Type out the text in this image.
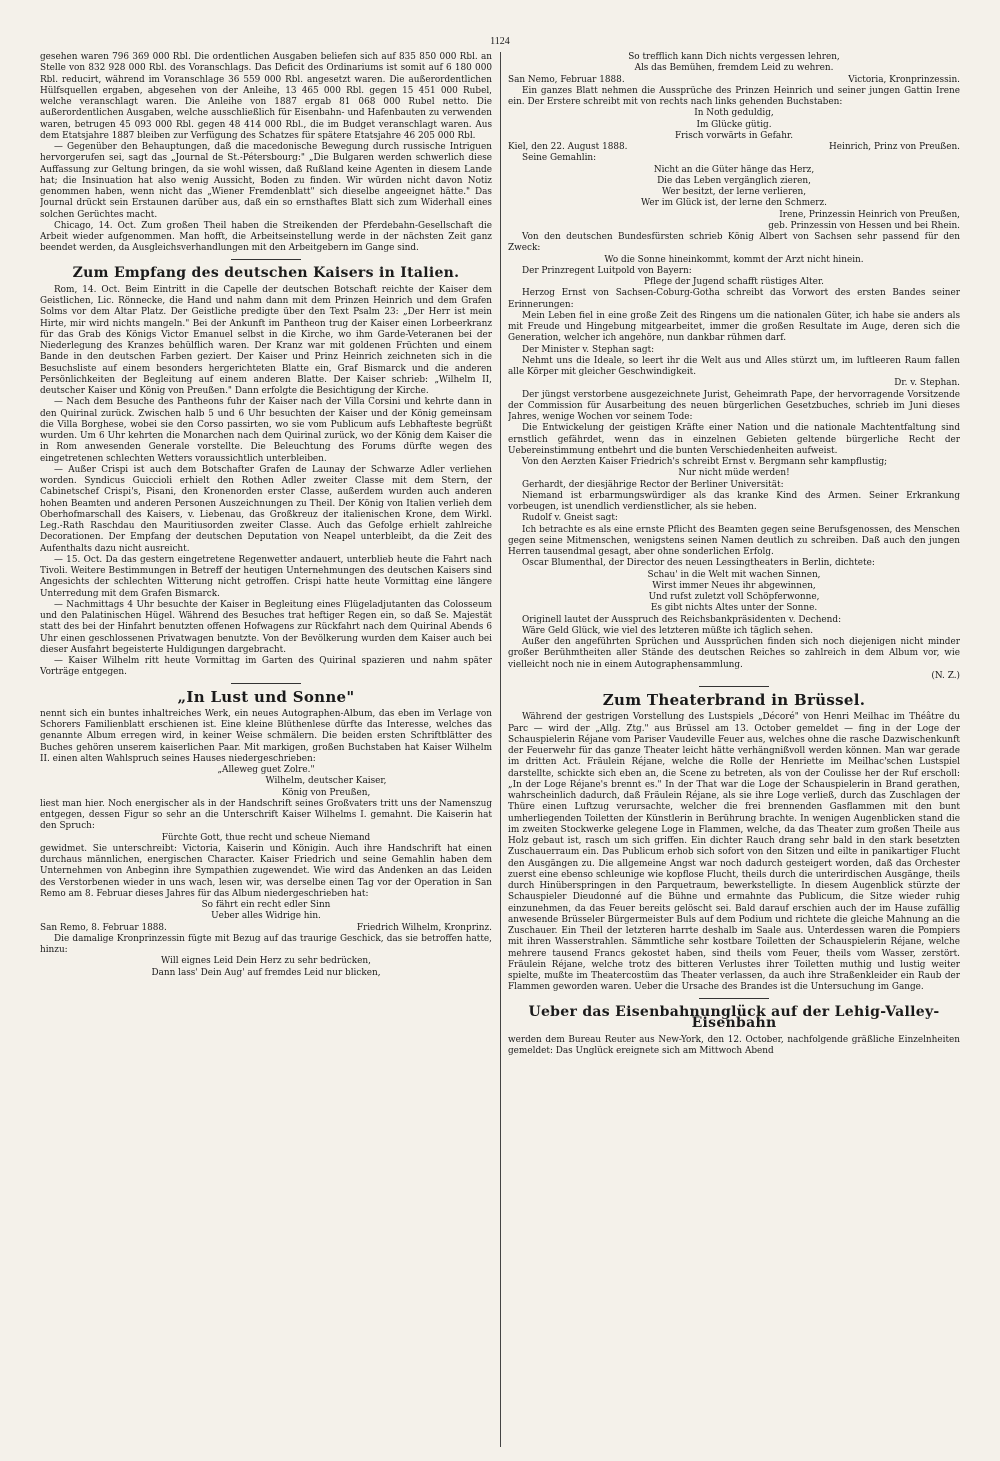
1124

gesehen waren 796 369 000 Rbl. Die ordentlichen Ausgaben beliefen sich auf 835 850 000 Rbl. an Stelle von 832 928 000 Rbl. des Voranschlags. Das Deficit des Ordinariums ist somit auf 6 180 000 Rbl. reducirt, während im Voranschlage 36 559 000 Rbl. angesetzt waren. Die außerordentlichen Hülfsquellen ergaben, abgesehen von der Anleihe, 13 465 000 Rbl. gegen 15 451 000 Rubel, welche veranschlagt waren. Die Anleihe von 1887 ergab 81 068 000 Rubel netto. Die außerordentlichen Ausgaben, welche ausschließlich für Eisenbahn- und Hafenbauten zu verwenden waren, betrugen 45 093 000 Rbl. gegen 48 414 000 Rbl., die im Budget veranschlagt waren. Aus dem Etatsjahre 1887 bleiben zur Verfügung des Schatzes für spätere Etatsjahre 46 205 000 Rbl.

— Gegenüber den Behauptungen, daß die macedonische Bewegung durch russische Intriguen hervorgerufen sei, sagt das „Journal de St.-Pétersbourg:" „Die Bulgaren werden schwerlich diese Auffassung zur Geltung bringen, da sie wohl wissen, daß Rußland keine Agenten in diesem Lande hat; die Insinuation hat also wenig Aussicht, Boden zu finden. Wir würden nicht davon Notiz genommen haben, wenn nicht das „Wiener Fremdenblatt" sich dieselbe angeeignet hätte." Das Journal drückt sein Erstaunen darüber aus, daß ein so ernsthaftes Blatt sich zum Widerhall eines solchen Gerüchtes macht.

Chicago, 14. Oct. Zum großen Theil haben die Streikenden der Pferdebahn-Gesellschaft die Arbeit wieder aufgenommen. Man hofft, die Arbeitseinstellung werde in der nächsten Zeit ganz beendet werden, da Ausgleichsverhandlungen mit den Arbeitgebern im Gange sind.

Zum Empfang des deutschen Kaisers in Italien.

Rom, 14. Oct. Beim Eintritt in die Capelle der deutschen Botschaft reichte der Kaiser dem Geistlichen, Lic. Rönnecke, die Hand und nahm dann mit dem Prinzen Heinrich und dem Grafen Solms vor dem Altar Platz. Der Geistliche predigte über den Text Psalm 23: „Der Herr ist mein Hirte, mir wird nichts mangeln." Bei der Ankunft im Pantheon trug der Kaiser einen Lorbeerkranz für das Grab des Königs Victor Emanuel selbst in die Kirche, wo ihm Garde-Veteranen bei der Niederlegung des Kranzes behülflich waren. Der Kranz war mit goldenen Früchten und einem Bande in den deutschen Farben geziert. Der Kaiser und Prinz Heinrich zeichneten sich in die Besuchsliste auf einem besonders hergerichteten Blatte ein, Graf Bismarck und die anderen Persönlichkeiten der Begleitung auf einem anderen Blatte. Der Kaiser schrieb: „Wilhelm II, deutscher Kaiser und König von Preußen." Dann erfolgte die Besichtigung der Kirche.

— Nach dem Besuche des Pantheons fuhr der Kaiser nach der Villa Corsini und kehrte dann in den Quirinal zurück. Zwischen halb 5 und 6 Uhr besuchten der Kaiser und der König gemeinsam die Villa Borghese, wobei sie den Corso passirten, wo sie vom Publicum aufs Lebhafteste begrüßt wurden. Um 6 Uhr kehrten die Monarchen nach dem Quirinal zurück, wo der König dem Kaiser die in Rom anwesenden Generale vorstellte. Die Beleuchtung des Forums dürfte wegen des eingetretenen schlechten Wetters voraussichtlich unterbleiben.

— Außer Crispi ist auch dem Botschafter Grafen de Launay der Schwarze Adler verliehen worden. Syndicus Guiccioli erhielt den Rothen Adler zweiter Classe mit dem Stern, der Cabinetschef Crispi's, Pisani, den Kronenorden erster Classe, außerdem wurden auch anderen hohen Beamten und anderen Personen Auszeichnungen zu Theil. Der König von Italien verlieh dem Oberhofmarschall des Kaisers, v. Liebenau, das Großkreuz der italienischen Krone, dem Wirkl. Leg.-Rath Raschdau den Mauritiusorden zweiter Classe. Auch das Gefolge erhielt zahlreiche Decorationen. Der Empfang der deutschen Deputation von Neapel unterbleibt, da die Zeit des Aufenthalts dazu nicht ausreicht.

— 15. Oct. Da das gestern eingetretene Regenwetter andauert, unterblieb heute die Fahrt nach Tivoli. Weitere Bestimmungen in Betreff der heutigen Unternehmungen des deutschen Kaisers sind Angesichts der schlechten Witterung nicht getroffen. Crispi hatte heute Vormittag eine längere Unterredung mit dem Grafen Bismarck.

— Nachmittags 4 Uhr besuchte der Kaiser in Begleitung eines Flügeladjutanten das Colosseum und den Palatinischen Hügel. Während des Besuches trat heftiger Regen ein, so daß Se. Majestät statt des bei der Hinfahrt benutzten offenen Hofwagens zur Rückfahrt nach dem Quirinal Abends 6 Uhr einen geschlossenen Privatwagen benutzte. Von der Bevölkerung wurden dem Kaiser auch bei dieser Ausfahrt begeisterte Huldigungen dargebracht.

— Kaiser Wilhelm ritt heute Vormittag im Garten des Quirinal spazieren und nahm später Vorträge entgegen.

„In Lust und Sonne"

nennt sich ein buntes inhaltreiches Werk, ein neues Autographen-Album, das eben im Verlage von Schorers Familienblatt erschienen ist. Eine kleine Blüthenlese dürfte das Interesse, welches das genannte Album erregen wird, in keiner Weise schmälern. Die beiden ersten Schriftblätter des Buches gehören unserem kaiserlichen Paar. Mit markigen, großen Buchstaben hat Kaiser Wilhelm II. einen alten Wahlspruch seines Hauses niedergeschrieben:

„Alleweg guet Zolre."

Wilhelm, deutscher Kaiser,

König von Preußen,

liest man hier. Noch energischer als in der Handschrift seines Großvaters tritt uns der Namenszug entgegen, dessen Figur so sehr an die Unterschrift Kaiser Wilhelms I. gemahnt. Die Kaiserin hat den Spruch:

Fürchte Gott, thue recht und scheue Niemand

gewidmet. Sie unterschreibt: Victoria, Kaiserin und Königin. Auch ihre Handschrift hat einen durchaus männlichen, energischen Character. Kaiser Friedrich und seine Gemahlin haben dem Unternehmen von Anbeginn ihre Sympathien zugewendet. Wie wird das Andenken an das Leiden des Verstorbenen wieder in uns wach, lesen wir, was derselbe einen Tag vor der Operation in San Remo am 8. Februar dieses Jahres für das Album niedergeschrieben hat:

So fährt ein recht edler Sinn

Ueber alles Widrige hin.

San Remo, 8. Februar 1888.	Friedrich Wilhelm, Kronprinz.

Die damalige Kronprinzessin fügte mit Bezug auf das traurige Geschick, das sie betroffen hatte, hinzu:

Will eignes Leid Dein Herz zu sehr bedrücken,

Dann lass' Dein Aug' auf fremdes Leid nur blicken,

So trefflich kann Dich nichts vergessen lehren,

Als das Bemühen, fremdem Leid zu wehren.

San Nemo, Februar 1888.	Victoria, Kronprinzessin.

Ein ganzes Blatt nehmen die Aussprüche des Prinzen Heinrich und seiner jungen Gattin Irene ein. Der Erstere schreibt mit von rechts nach links gehenden Buchstaben:

In Noth geduldig,

Im Glücke gütig.

Frisch vorwärts in Gefahr.

Kiel, den 22. August 1888.	Heinrich, Prinz von Preußen.

Seine Gemahlin:

Nicht an die Güter hänge das Herz,

Die das Leben vergänglich zieren,

Wer besitzt, der lerne verlieren,

Wer im Glück ist, der lerne den Schmerz.

Irene, Prinzessin Heinrich von Preußen,

geb. Prinzessin von Hessen und bei Rhein.

Von den deutschen Bundesfürsten schrieb König Albert von Sachsen sehr passend für den Zweck:

Wo die Sonne hineinkommt, kommt der Arzt nicht hinein.

Der Prinzregent Luitpold von Bayern:

Pflege der Jugend schafft rüstiges Alter.

Herzog Ernst von Sachsen-Coburg-Gotha schreibt das Vorwort des ersten Bandes seiner Erinnerungen:

Mein Leben fiel in eine große Zeit des Ringens um die nationalen Güter, ich habe sie anders als mit Freude und Hingebung mitgearbeitet, immer die großen Resultate im Auge, deren sich die Generation, welcher ich angehöre, nun dankbar rühmen darf.

Der Minister v. Stephan sagt:

Nehmt uns die Ideale, so leert ihr die Welt aus und Alles stürzt um, im luftleeren Raum fallen alle Körper mit gleicher Geschwindigkeit.

Dr. v. Stephan.

Der jüngst verstorbene ausgezeichnete Jurist, Geheimrath Pape, der hervorragende Vorsitzende der Commission für Ausarbeitung des neuen bürgerlichen Gesetzbuches, schrieb im Juni dieses Jahres, wenige Wochen vor seinem Tode:

Die Entwickelung der geistigen Kräfte einer Nation und die nationale Machtentfaltung sind ernstlich gefährdet, wenn das in einzelnen Gebieten geltende bürgerliche Recht der Uebereinstimmung entbehrt und die bunten Verschiedenheiten aufweist.

Von den Aerzten Kaiser Friedrich's schreibt Ernst v. Bergmann sehr kampflustig;

Nur nicht müde werden!

Gerhardt, der diesjährige Rector der Berliner Universität:

Niemand ist erbarmungswürdiger als das kranke Kind des Armen. Seiner Erkrankung vorbeugen, ist unendlich verdienstlicher, als sie heben.

Rudolf v. Gneist sagt:

Ich betrachte es als eine ernste Pflicht des Beamten gegen seine Berufsgenossen, des Menschen gegen seine Mitmenschen, wenigstens seinen Namen deutlich zu schreiben. Daß auch den jungen Herren tausendmal gesagt, aber ohne sonderlichen Erfolg.

Oscar Blumenthal, der Director des neuen Lessingtheaters in Berlin, dichtete:

Schau' in die Welt mit wachen Sinnen,

Wirst immer Neues ihr abgewinnen,

Und rufst zuletzt voll Schöpferwonne,

Es gibt nichts Altes unter der Sonne.

Originell lautet der Ausspruch des Reichsbankpräsidenten v. Dechend:

Wäre Geld Glück, wie viel des letzteren müßte ich täglich sehen.

Außer den angeführten Sprüchen und Aussprüchen finden sich noch diejenigen nicht minder großer Berühmtheiten aller Stände des deutschen Reiches so zahlreich in dem Album vor, wie vielleicht noch nie in einem Autographensammlung.

(N. Z.)

Zum Theaterbrand in Brüssel.

Während der gestrigen Vorstellung des Lustspiels „Décoré" von Henri Meilhac im Théâtre du Parc — wird der „Allg. Ztg." aus Brüssel am 13. October gemeldet — fing in der Loge der Schauspielerin Réjane vom Pariser Vaudeville Feuer aus, welches ohne die rasche Dazwischenkunft der Feuerwehr für das ganze Theater leicht hätte verhängnißvoll werden können. Man war gerade im dritten Act. Fräulein Réjane, welche die Rolle der Henriette im Meilhac'schen Lustspiel darstellte, schickte sich eben an, die Scene zu betreten, als von der Coulisse her der Ruf erscholl: „In der Loge Réjane's brennt es." In der That war die Loge der Schauspielerin in Brand gerathen, wahrscheinlich dadurch, daß Fräulein Réjane, als sie ihre Loge verließ, durch das Zuschlagen der Thüre einen Luftzug verursachte, welcher die frei brennenden Gasflammen mit den bunt umherliegenden Toiletten der Künstlerin in Berührung brachte. In wenigen Augenblicken stand die im zweiten Stockwerke gelegene Loge in Flammen, welche, da das Theater zum großen Theile aus Holz gebaut ist, rasch um sich griffen. Ein dichter Rauch drang sehr bald in den stark besetzten Zuschauerraum ein. Das Publicum erhob sich sofort von den Sitzen und eilte in panikartiger Flucht den Ausgängen zu. Die allgemeine Angst war noch dadurch gesteigert worden, daß das Orchester zuerst eine ebenso schleunige wie kopflose Flucht, theils durch die unterirdischen Ausgänge, theils durch Hinüberspringen in den Parquetraum, bewerkstelligte. In diesem Augenblick stürzte der Schauspieler Dieudonné auf die Bühne und ermahnte das Publicum, die Sitze wieder ruhig einzunehmen, da das Feuer bereits gelöscht sei. Bald darauf erschien auch der im Hause zufällig anwesende Brüsseler Bürgermeister Buls auf dem Podium und richtete die gleiche Mahnung an die Zuschauer. Ein Theil der letzteren harrte deshalb im Saale aus. Unterdessen waren die Pompiers mit ihren Wasserstrahlen. Sämmtliche sehr kostbare Toiletten der Schauspielerin Réjane, welche mehrere tausend Francs gekostet haben, sind theils vom Feuer, theils vom Wasser, zerstört. Fräulein Réjane, welche trotz des bitteren Verlustes ihrer Toiletten muthig und lustig weiter spielte, mußte im Theatercostüm das Theater verlassen, da auch ihre Straßenkleider ein Raub der Flammen geworden waren. Ueber die Ursache des Brandes ist die Untersuchung im Gange.

Ueber das Eisenbahnunglück auf der Lehig-Valley-Eisenbahn

werden dem Bureau Reuter aus New-York, den 12. October, nachfolgende gräßliche Einzelnheiten gemeldet: Das Unglück ereignete sich am Mittwoch Abend
